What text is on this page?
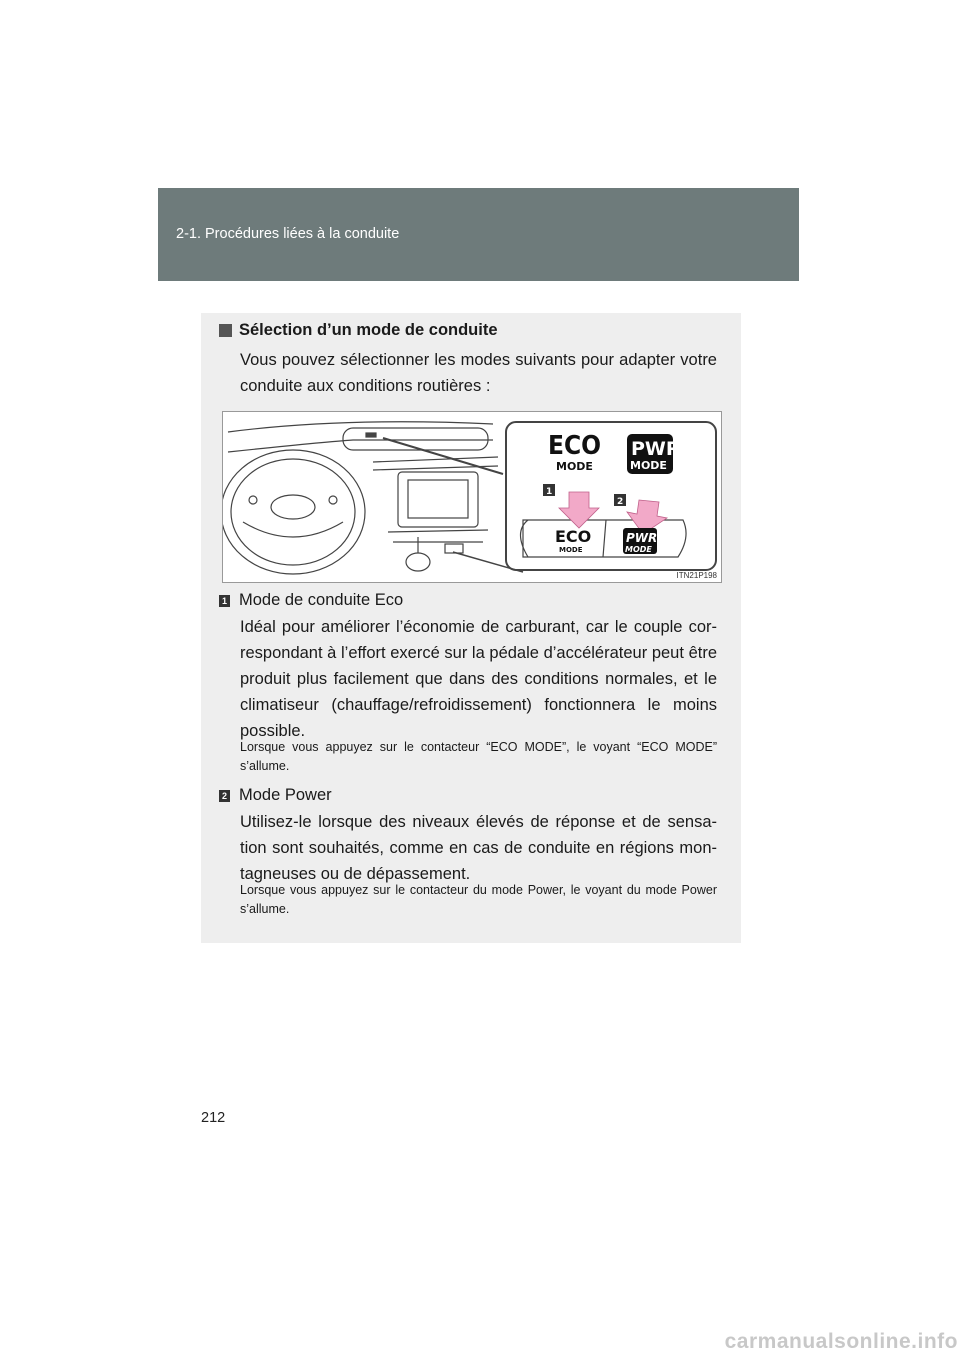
2-1. Procédures liées à la conduite
Sélection d’un mode de conduite
Vous pouvez sélectionner les modes suivants pour adapter votre conduite aux conditions routières :
ECO
MODE
PWR
MODE
1
2
ECO
MODE
PWR
MODE
ITN21P198
1 Mode de conduite Eco
Idéal pour améliorer l’économie de carburant, car le couple cor-respondant à l’effort exercé sur la pédale d’accélérateur peut être produit plus facilement que dans des conditions normales, et le climatiseur (chauffage/refroidissement) fonctionnera le moins possible.
Lorsque vous appuyez sur le contacteur “ECO MODE”, le voyant “ECO MODE” s’allume.
2 Mode Power
Utilisez-le lorsque des niveaux élevés de réponse et de sensa-tion sont souhaités, comme en cas de conduite en régions mon-tagneuses ou de dépassement.
Lorsque vous appuyez sur le contacteur du mode Power, le voyant du mode Power s’allume.
212
carmanualsonline.info
